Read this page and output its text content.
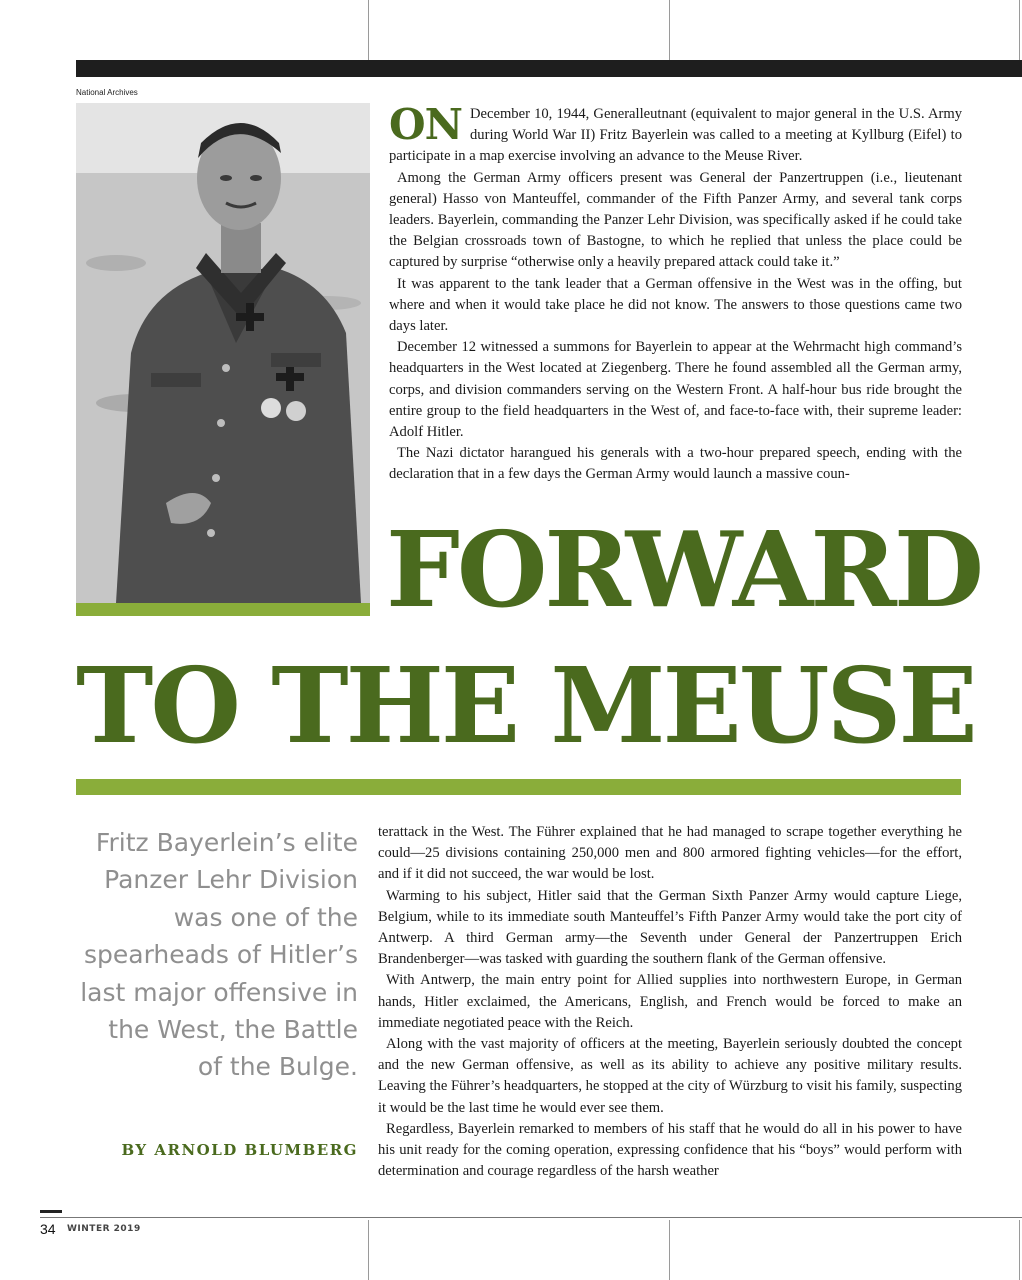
National Archives

ON December 10, 1944, Generalleutnant (equivalent to major general in the U.S. Army during World War II) Fritz Bayerlein was called to a meeting at Kyllburg (Eifel) to participate in a map exercise involving an advance to the Meuse River.

Among the German Army officers present was General der Panzertruppen (i.e., lieutenant general) Hasso von Manteuffel, commander of the Fifth Panzer Army, and several tank corps leaders. Bayerlein, commanding the Panzer Lehr Division, was specifically asked if he could take the Belgian crossroads town of Bastogne, to which he replied that unless the place could be captured by surprise “otherwise only a heavily prepared attack could take it.”

It was apparent to the tank leader that a German offensive in the West was in the offing, but where and when it would take place he did not know. The answers to those questions came two days later.

December 12 witnessed a summons for Bayerlein to appear at the Wehrmacht high command’s headquarters in the West located at Ziegenberg. There he found assembled all the German army, corps, and division commanders serving on the Western Front. A half-hour bus ride brought the entire group to the field headquarters in the West of, and face-to-face with, their supreme leader: Adolf Hitler.

The Nazi dictator harangued his generals with a two-hour prepared speech, ending with the declaration that in a few days the German Army would launch a massive coun-

FORWARD
TO THE MEUSE
Fritz Bayerlein’s elite Panzer Lehr Division was one of the spearheads of Hitler’s last major offensive in the West, the Battle of the Bulge.
BY ARNOLD BLUMBERG

terattack in the West. The Führer explained that he had managed to scrape together everything he could—25 divisions containing 250,000 men and 800 armored fighting vehicles—for the effort, and if it did not succeed, the war would be lost.

Warming to his subject, Hitler said that the German Sixth Panzer Army would capture Liege, Belgium, while to its immediate south Manteuffel’s Fifth Panzer Army would take the port city of Antwerp. A third German army—the Seventh under General der Panzertruppen Erich Brandenberger—was tasked with guarding the southern flank of the German offensive.

With Antwerp, the main entry point for Allied supplies into northwestern Europe, in German hands, Hitler exclaimed, the Americans, English, and French would be forced to make an immediate negotiated peace with the Reich.

Along with the vast majority of officers at the meeting, Bayerlein seriously doubted the concept and the new German offensive, as well as its ability to achieve any positive military results. Leaving the Führer’s headquarters, he stopped at the city of Würzburg to visit his family, suspecting it would be the last time he would ever see them.

Regardless, Bayerlein remarked to members of his staff that he would do all in his power to have his unit ready for the coming operation, expressing confidence that his “boys” would perform with determination and courage regardless of the harsh weather

34 WINTER 2019
